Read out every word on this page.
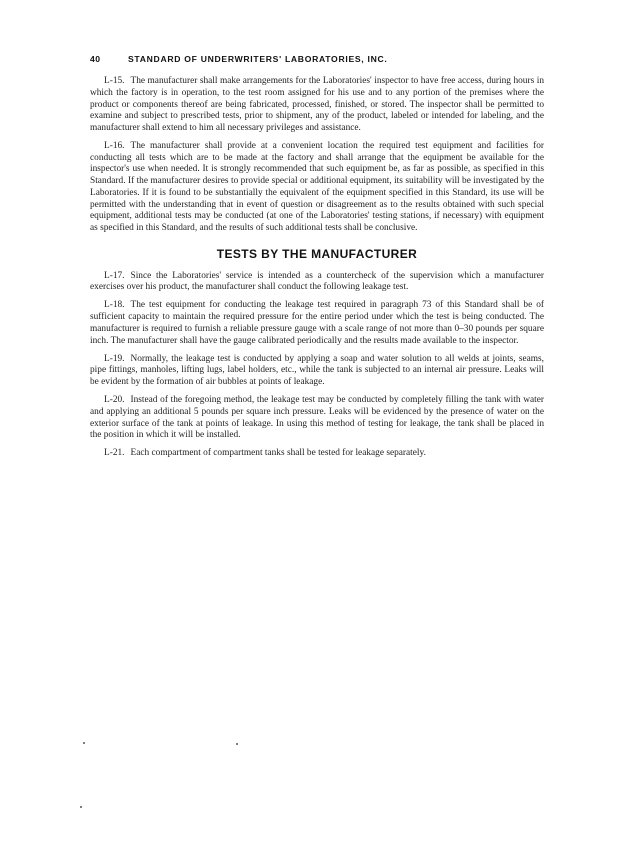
40	STANDARD OF UNDERWRITERS' LABORATORIES, INC.

L-15. The manufacturer shall make arrangements for the Laboratories' inspector to have free access, during hours in which the factory is in operation, to the test room assigned for his use and to any portion of the premises where the product or components thereof are being fabricated, processed, finished, or stored. The inspector shall be permitted to examine and subject to prescribed tests, prior to shipment, any of the product, labeled or intended for labeling, and the manufacturer shall extend to him all necessary privileges and assistance.

L-16. The manufacturer shall provide at a convenient location the required test equipment and facilities for conducting all tests which are to be made at the factory and shall arrange that the equipment be available for the inspector's use when needed. It is strongly recommended that such equipment be, as far as possible, as specified in this Standard. If the manufacturer desires to provide special or additional equipment, its suitability will be investigated by the Laboratories. If it is found to be substantially the equivalent of the equipment specified in this Standard, its use will be permitted with the understanding that in event of question or disagreement as to the results obtained with such special equipment, additional tests may be conducted (at one of the Laboratories' testing stations, if necessary) with equipment as specified in this Standard, and the results of such additional tests shall be conclusive.

TESTS BY THE MANUFACTURER

L-17. Since the Laboratories' service is intended as a countercheck of the supervision which a manufacturer exercises over his product, the manufacturer shall conduct the following leakage test.

L-18. The test equipment for conducting the leakage test required in paragraph 73 of this Standard shall be of sufficient capacity to maintain the required pressure for the entire period under which the test is being conducted. The manufacturer is required to furnish a reliable pressure gauge with a scale range of not more than 0–30 pounds per square inch. The manufacturer shall have the gauge calibrated periodically and the results made available to the inspector.

L-19. Normally, the leakage test is conducted by applying a soap and water solution to all welds at joints, seams, pipe fittings, manholes, lifting lugs, label holders, etc., while the tank is subjected to an internal air pressure. Leaks will be evident by the formation of air bubbles at points of leakage.

L-20. Instead of the foregoing method, the leakage test may be conducted by completely filling the tank with water and applying an additional 5 pounds per square inch pressure. Leaks will be evidenced by the presence of water on the exterior surface of the tank at points of leakage. In using this method of testing for leakage, the tank shall be placed in the position in which it will be installed.

L-21. Each compartment of compartment tanks shall be tested for leakage separately.
